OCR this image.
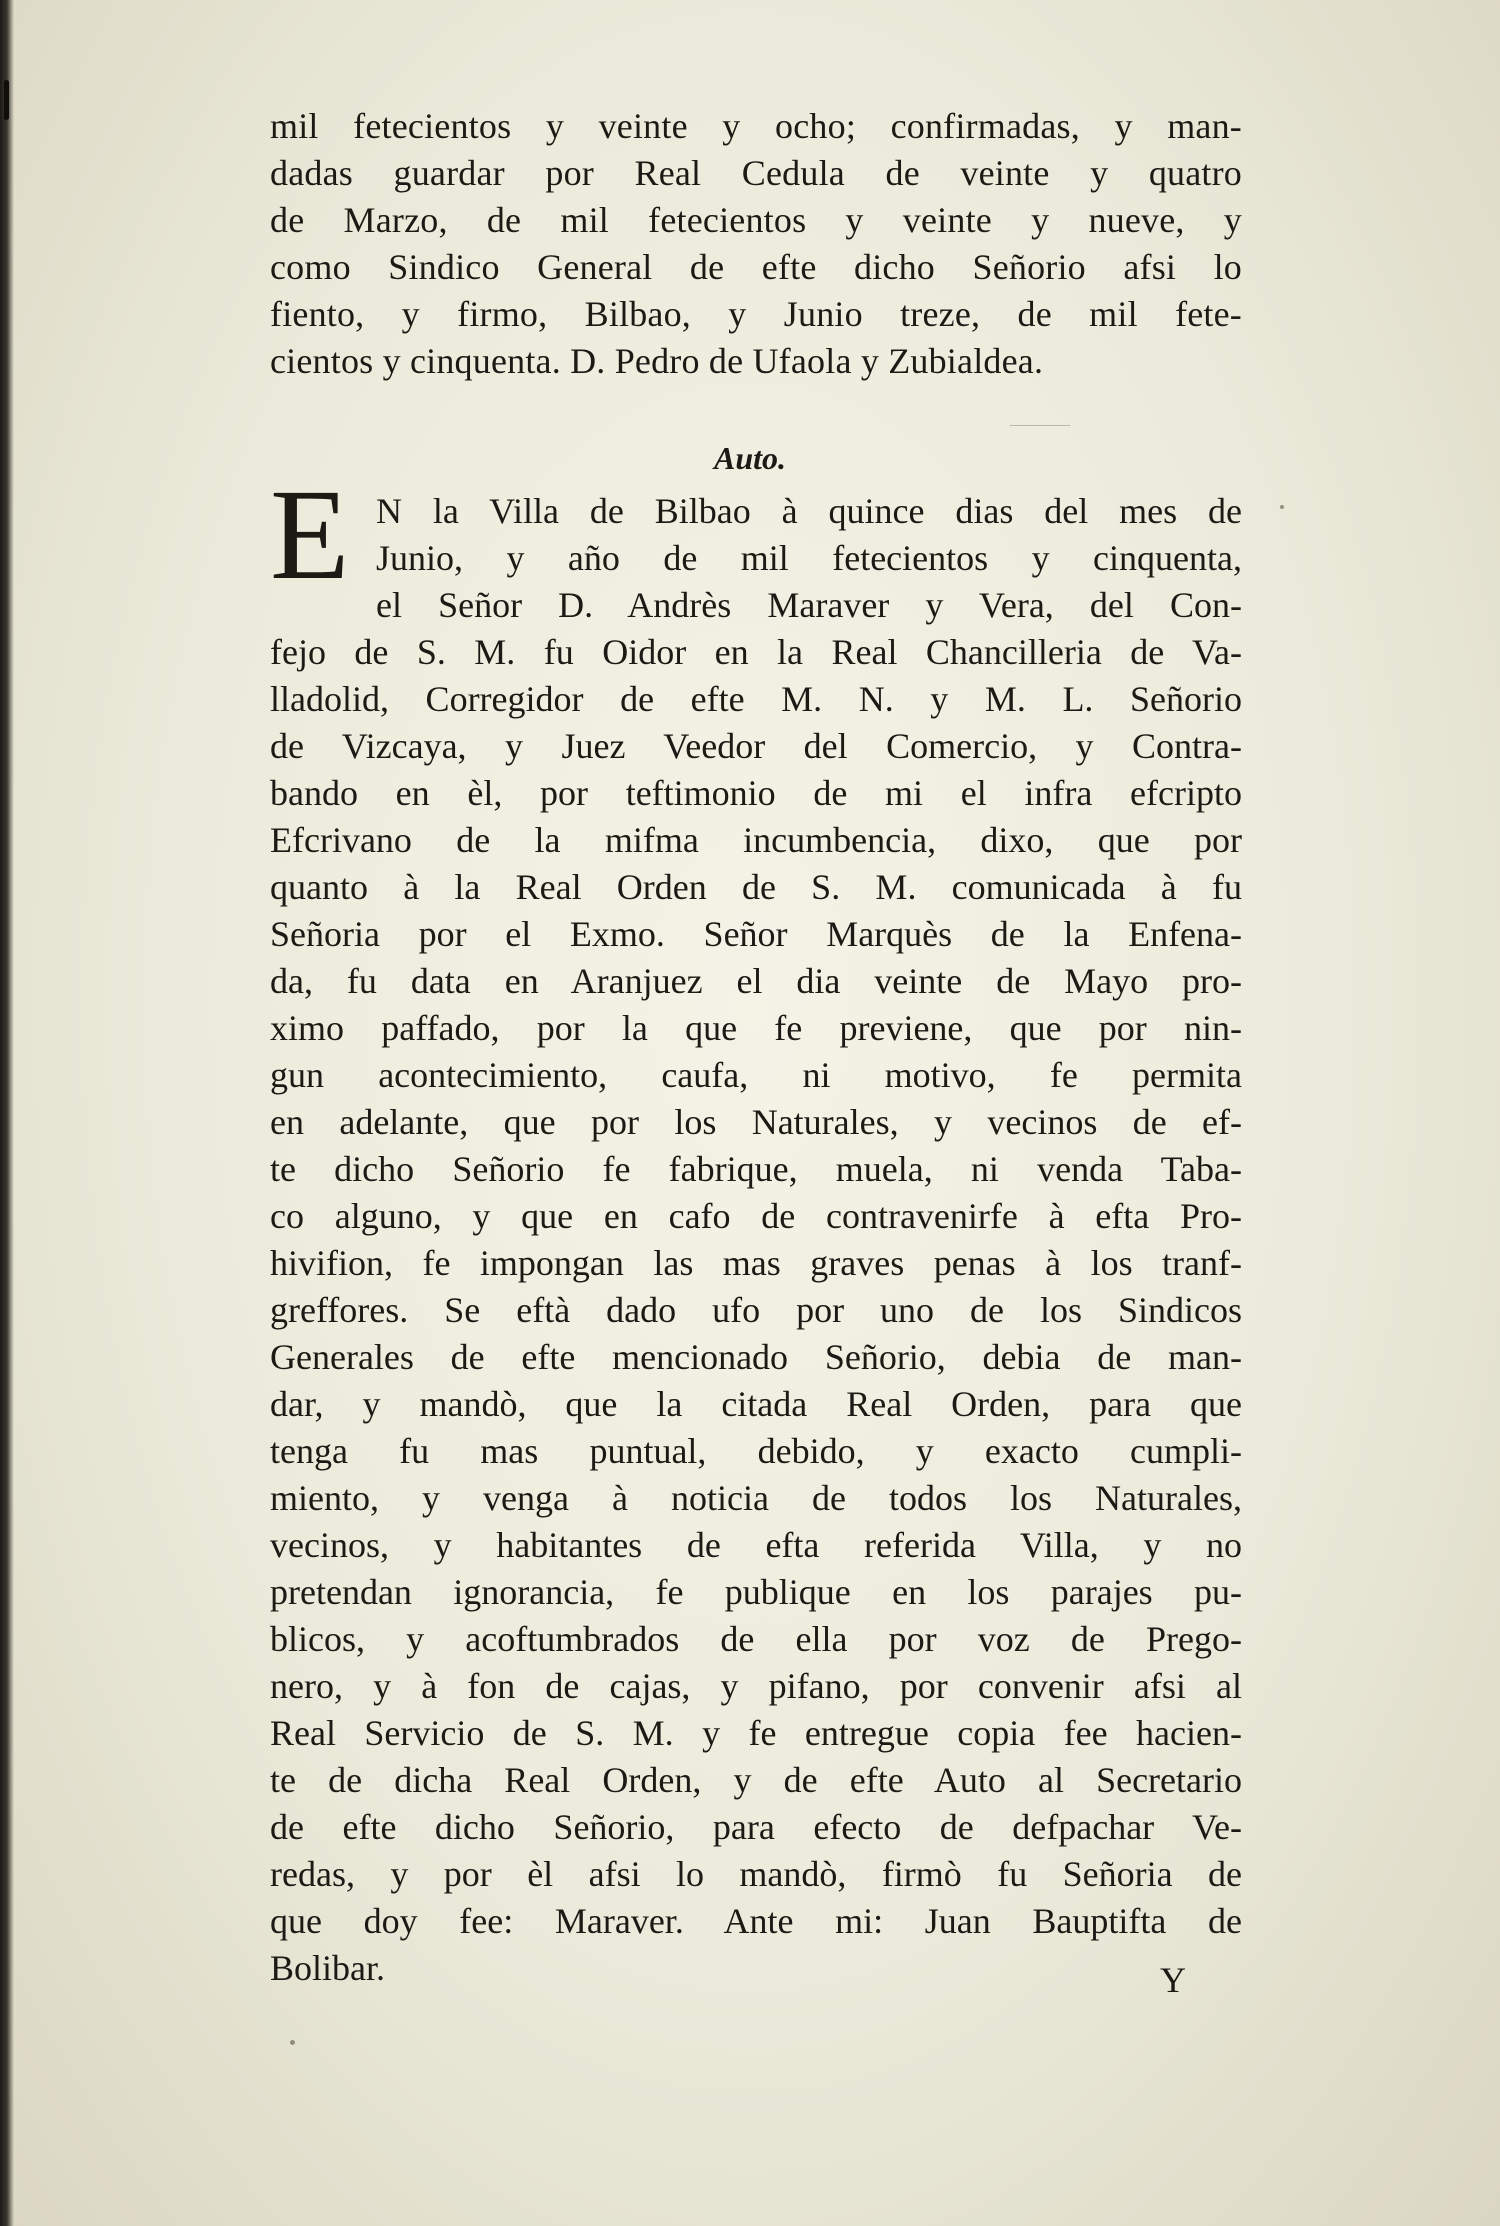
mil fetecientos y veinte y ocho; confirmadas, y man-
dadas guardar por Real Cedula de veinte y quatro
de Marzo, de mil fetecientos y veinte y nueve, y
como Sindico General de efte dicho Señorio afsi lo
fiento, y firmo, Bilbao, y Junio treze, de mil fete-
cientos y cinquenta. D. Pedro de Ufaola y Zubialdea.
Auto.
E N la Villa de Bilbao à quince dias del mes de
Junio, y año de mil fetecientos y cinquenta,
el Señor D. Andrès Maraver y Vera, del Con-
fejo de S. M. fu Oidor en la Real Chancilleria de Va-
lladolid, Corregidor de efte M. N. y M. L. Señorio
de Vizcaya, y Juez Veedor del Comercio, y Contra-
bando en èl, por teftimonio de mi el infra efcripto
Efcrivano de la mifma incumbencia, dixo, que por
quanto à la Real Orden de S. M. comunicada à fu
Señoria por el Exmo. Señor Marquès de la Enfena-
da, fu data en Aranjuez el dia veinte de Mayo pro-
ximo paffado, por la que fe previene, que por nin-
gun acontecimiento, caufa, ni motivo, fe permita
en adelante, que por los Naturales, y vecinos de ef-
te dicho Señorio fe fabrique, muela, ni venda Taba-
co alguno, y que en cafo de contravenirfe à efta Pro-
hivifion, fe impongan las mas graves penas à los tranf-
greffores. Se eftà dado ufo por uno de los Sindicos
Generales de efte mencionado Señorio, debia de man-
dar, y mandò, que la citada Real Orden, para que
tenga fu mas puntual, debido, y exacto cumpli-
miento, y venga à noticia de todos los Naturales,
vecinos, y habitantes de efta referida Villa, y no
pretendan ignorancia, fe publique en los parajes pu-
blicos, y acoftumbrados de ella por voz de Prego-
nero, y à fon de cajas, y pifano, por convenir afsi al
Real Servicio de S. M. y fe entregue copia fee hacien-
te de dicha Real Orden, y de efte Auto al Secretario
de efte dicho Señorio, para efecto de defpachar Ve-
redas, y por èl afsi lo mandò, firmò fu Señoria de
que doy fee: Maraver. Ante mi: Juan Bauptifta de
Bolibar.	Y
